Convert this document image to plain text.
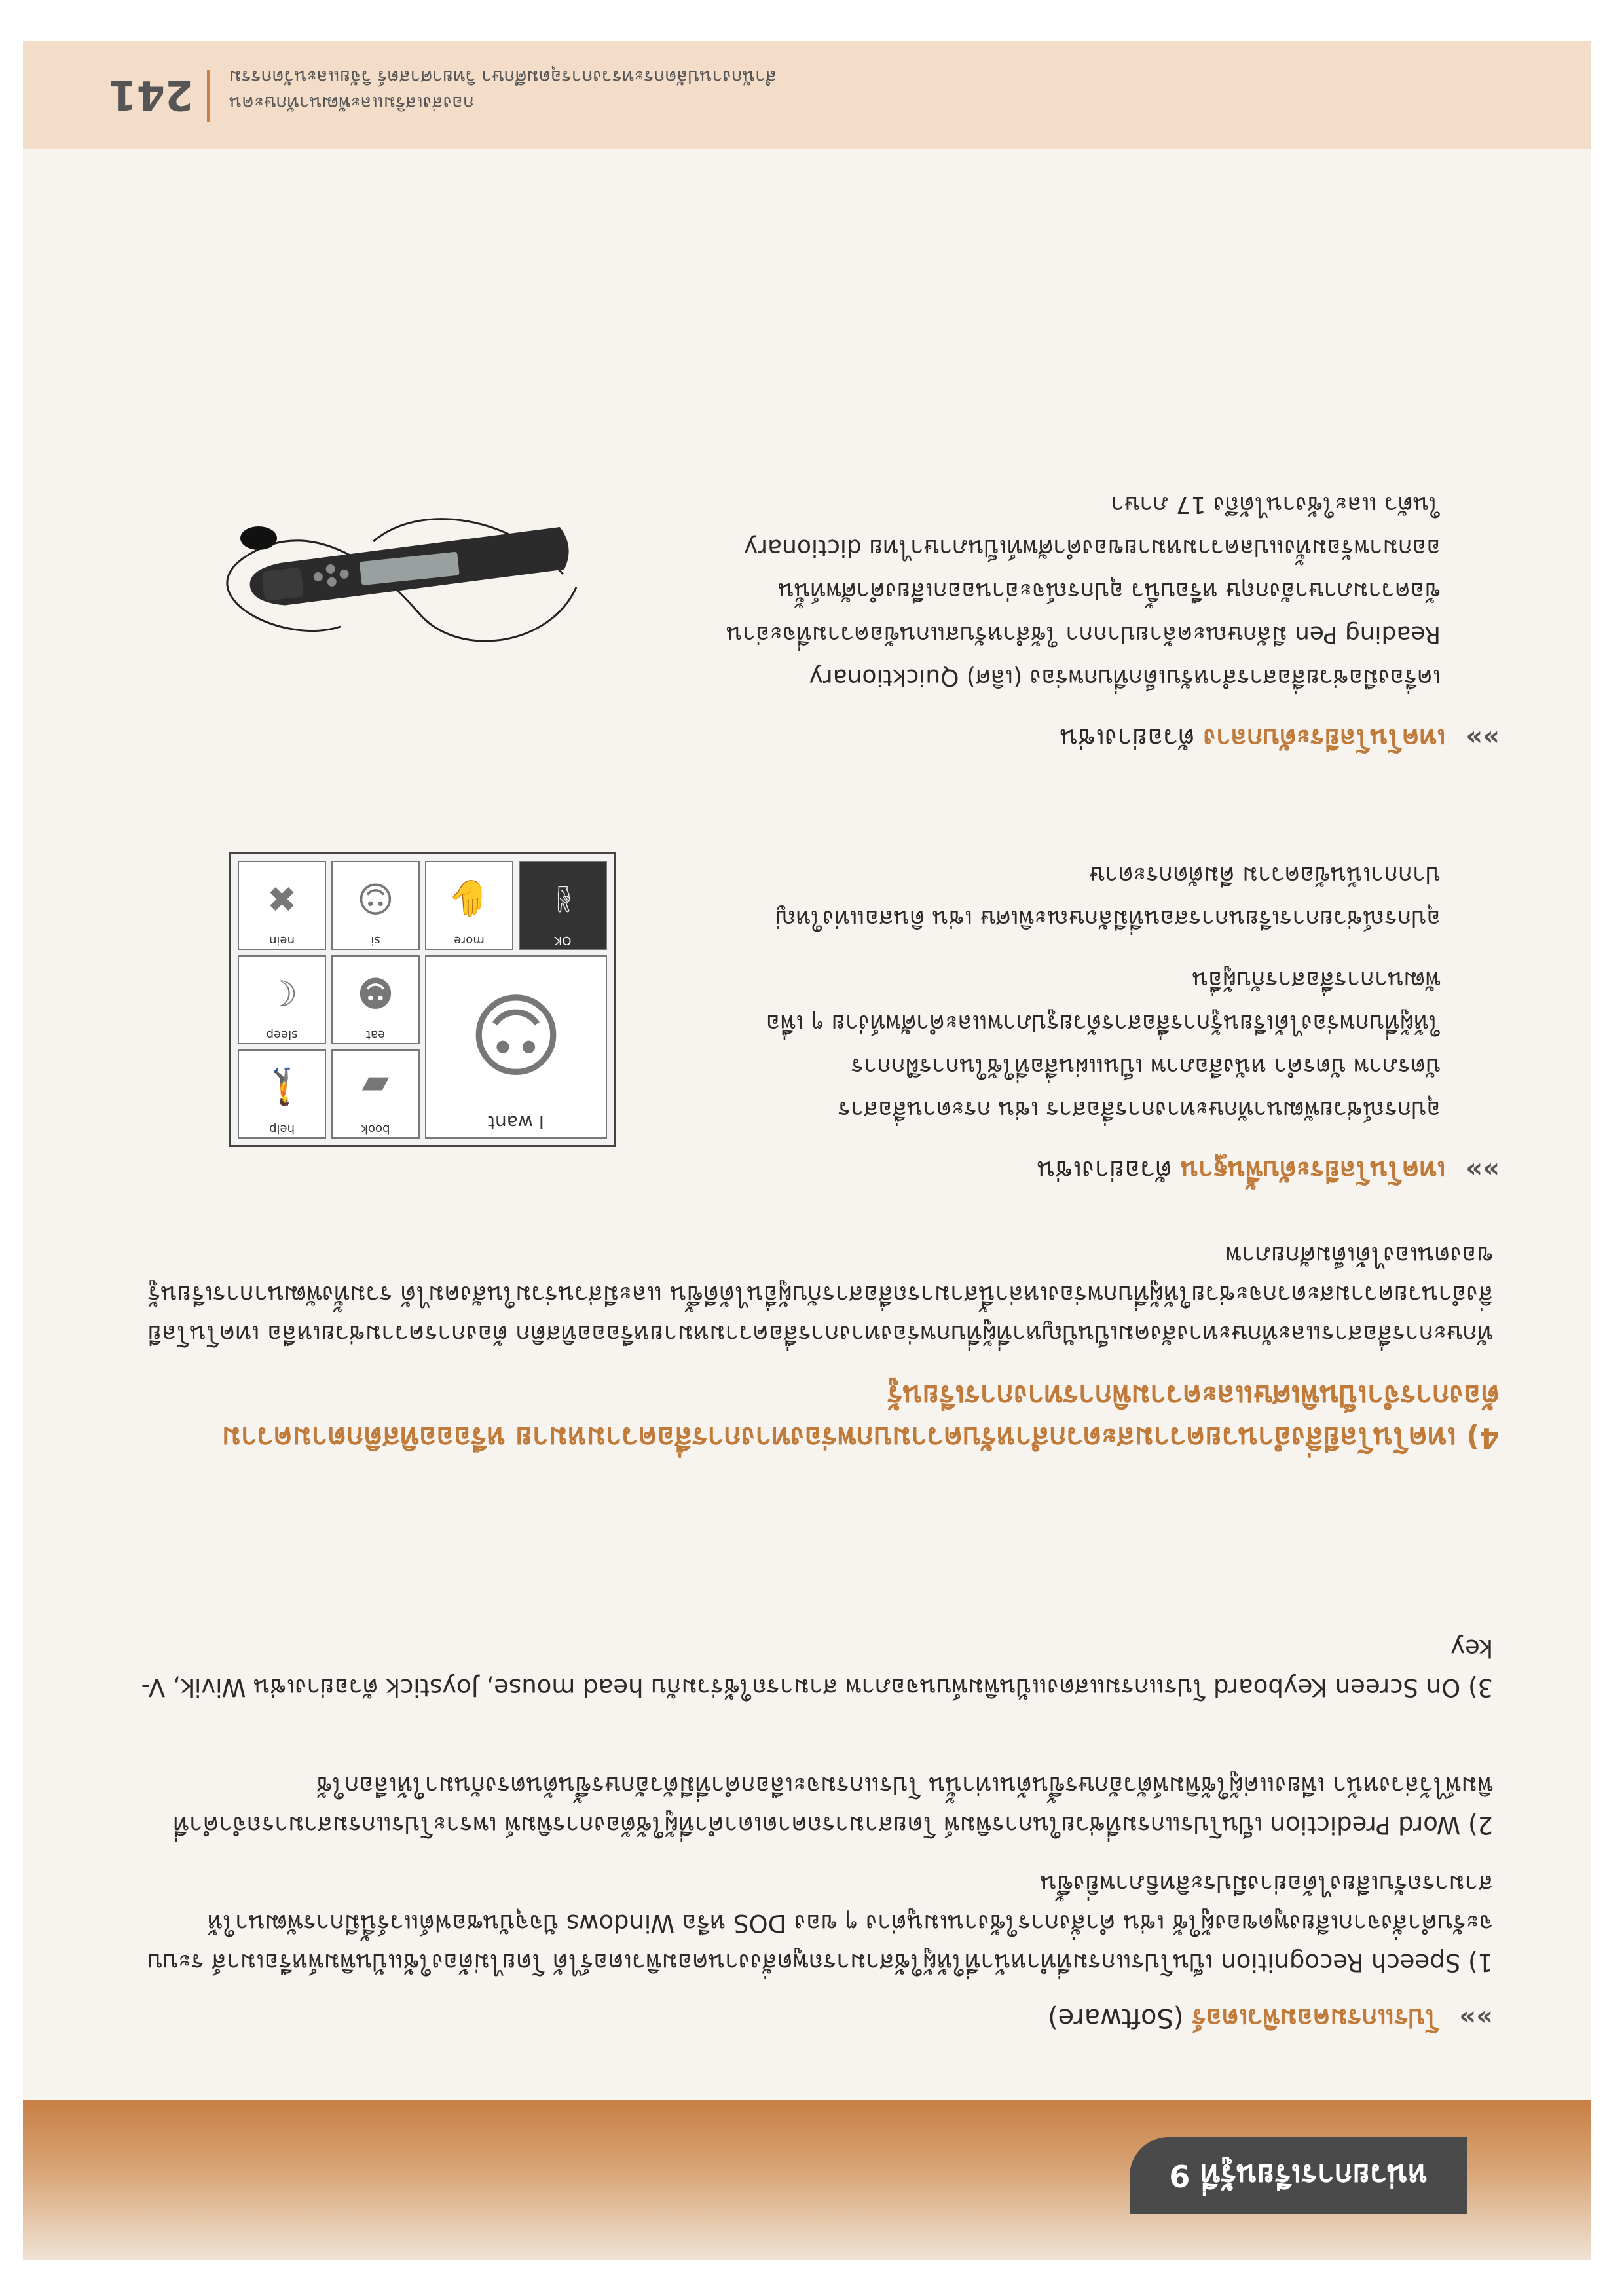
หน่วยการเรียนรู้ที่ 9
»» โปรแกรมคอมพิวเตอร์ (Software)

1) Speech Recognition เป็นโปรแกรมที่ทำหน้าที่ให้ผู้ใช้สามารถพูดสั่งงานคอมพิวเตอร์ได้ โดยไม่ต้องใช้แป้นพิมพ์หรือเมาส์ ระบบจะรับคำสั่งจากเสียงพูดของผู้ใช้ เช่น คำสั่งการใช้งานเมนูต่าง ๆ ของ DOS หรือ Windows ปัจจุบันซอฟต์แวร์นี้มีการพัฒนาให้สามารถรับเสียงได้อย่างมีประสิทธิภาพยิ่งขึ้น

2) Word Prediction เป็นโปรแกรมที่ช่วยในการพิมพ์ โดยสามารถคาดเดาคำที่ผู้ใช้ต้องการพิมพ์ เพราะโปรแกรมสามารถจำคำที่พิมพ์ไว้ล่วงหน้า เพียงแค่ผู้ใช้พิมพ์ตัวอักษรขึ้นต้นเท่านั้น โปรแกรมจะเลือกคำที่มีตัวอักษรขึ้นต้นตรงกันมาให้เลือกใช้

3) On Screen Keyboard โปรแกรมแสดงแป้นพิมพ์บนจอภาพ สามารถใช้ร่วมกับ head mouse, Joystick ตัวอย่างเช่น Wivik, V-key

4) เทคโนโลยีสิ่งอำนวยความสะดวกสำหรับความบกพร่องทางการสื่อความหมาย หรือออทิสติกตามความต้องการจำเป็นพิเศษและความพิการทางการเรียนรู้

ทักษะการสื่อสารและทักษะทางสังคมเป็นปัญหาที่ผู้ที่บกพร่องทางการสื่อความหมายหรือออทิสติก ต้องการความช่วยเหลือ เทคโนโลยีสิ่งอำนวยความสะดวกจะช่วยให้ผู้ที่บกพร่องเหล่านี้สามารถสื่อสารกับผู้อื่นได้ดีขึ้น และมีส่วนร่วมในสังคมได้ รวมทั้งพัฒนาการเรียนรู้ของตนเองได้เต็มศักยภาพ

»» เทคโนโลยีระดับพื้นฐาน ตัวอย่างเช่น
อุปกรณ์ช่วยพัฒนาทักษะทางการสื่อสาร เช่น กระดานสื่อสาร
บัตรภาพ บัตรคำ หนังสือภาพ เป็นแผ่นสื่อที่ใช้ในการฝึกการ
ให้ผู้ที่บกพร่องได้เรียนรู้การสื่อสารด้วยรูปภาพและคำศัพท์ง่าย ๆ เพื่อ
พัฒนาการสื่อสารกับผู้อื่น
อุปกรณ์ช่วยการเรียนการสอนที่มีลักษณะพิเศษ เช่น ดินสอแท่งใหญ่
ปากกาเน้นข้อความ คีมตัดกระดาษ
I want
☺
book
▰
help
🚶
eat
☻
sleep
☾
OK
✌
more
✋
si
☺
nein
✖
»» เทคโนโลยีระดับกลาง ตัวอย่างเช่น
เครื่องมือช่วยสื่อสารสำหรับเด็กที่บกพร่อง (เลิศ) Quicktionary
Reading Pen มีลักษณะคล้ายปากกา ใช้สำหรับสแกนข้อความที่จะอ่าน
ข้อความภาษาอังกฤษ หรือบนิ้ว อุปกรณ์จะอ่านออกเสียงคำศัพท์นั้น
ออกมาพร้อมทั้งแปลความหมายของคำศัพท์เป็นภาษาไทย dictionary
ในตัว และใช้งานได้ถึง 17 ภาษา
กองส่งเสริมและพัฒนาทักษะคน
สำนักงานปลัดกระทรวงการอุดมศึกษา วิทยาศาสตร์ วิจัยและนวัตกรรม
241
